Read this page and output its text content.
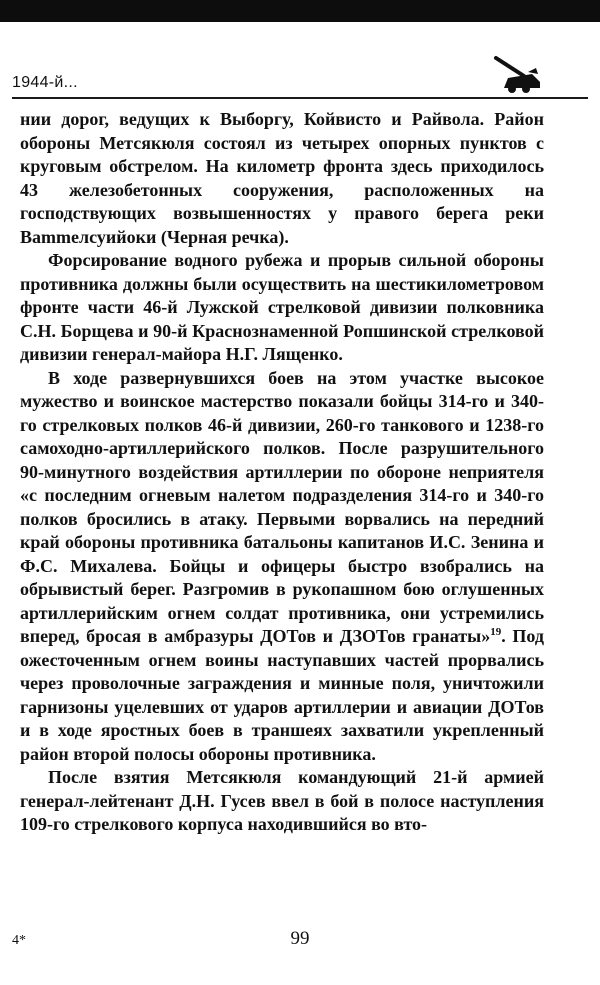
1944-й...

нии дорог, ведущих к Выборгу, Койвисто и Райвола. Район обороны Метсякюля состоял из четырех опорных пунктов с круговым обстрелом. На километр фронта здесь приходилось 43 железобетонных сооружения, расположенных на господствующих возвышенностях у правого берега реки Вammелсуийоки (Черная речка).

Форсирование водного рубежа и прорыв сильной обороны противника должны были осуществить на шестикилометровом фронте части 46-й Лужской стрелковой дивизии полковника С.Н. Борщева и 90-й Краснознаменной Ропшинской стрелковой дивизии генерал-майора Н.Г. Лященко.

В ходе развернувшихся боев на этом участке высокое мужество и воинское мастерство показали бойцы 314-го и 340-го стрелковых полков 46-й дивизии, 260-го танкового и 1238-го самоходно-артиллерийского полков. После разрушительного 90-минутного воздействия артиллерии по обороне неприятеля «с последним огневым налетом подразделения 314-го и 340-го полков бросились в атаку. Первыми ворвались на передний край обороны противника батальоны капитанов И.С. Зенина и Ф.С. Михалева. Бойцы и офицеры быстро взобрались на обрывистый берег. Разгромив в рукопашном бою оглушенных артиллерийским огнем солдат противника, они устремились вперед, бросая в амбразуры ДОТов и ДЗОТов гранаты»$^{19}$. Под ожесточенным огнем воины наступавших частей прорвались через проволочные заграждения и минные поля, уничтожили гарнизоны уцелевших от ударов артиллерии и авиации ДОТов и в ходе яростных боев в траншеях захватили укрепленный район второй полосы обороны противника.

После взятия Метсякюля командующий 21-й армией генерал-лейтенант Д.Н. Гусев ввел в бой в полосе наступления 109-го стрелкового корпуса находившийся во вто-

4*	99
